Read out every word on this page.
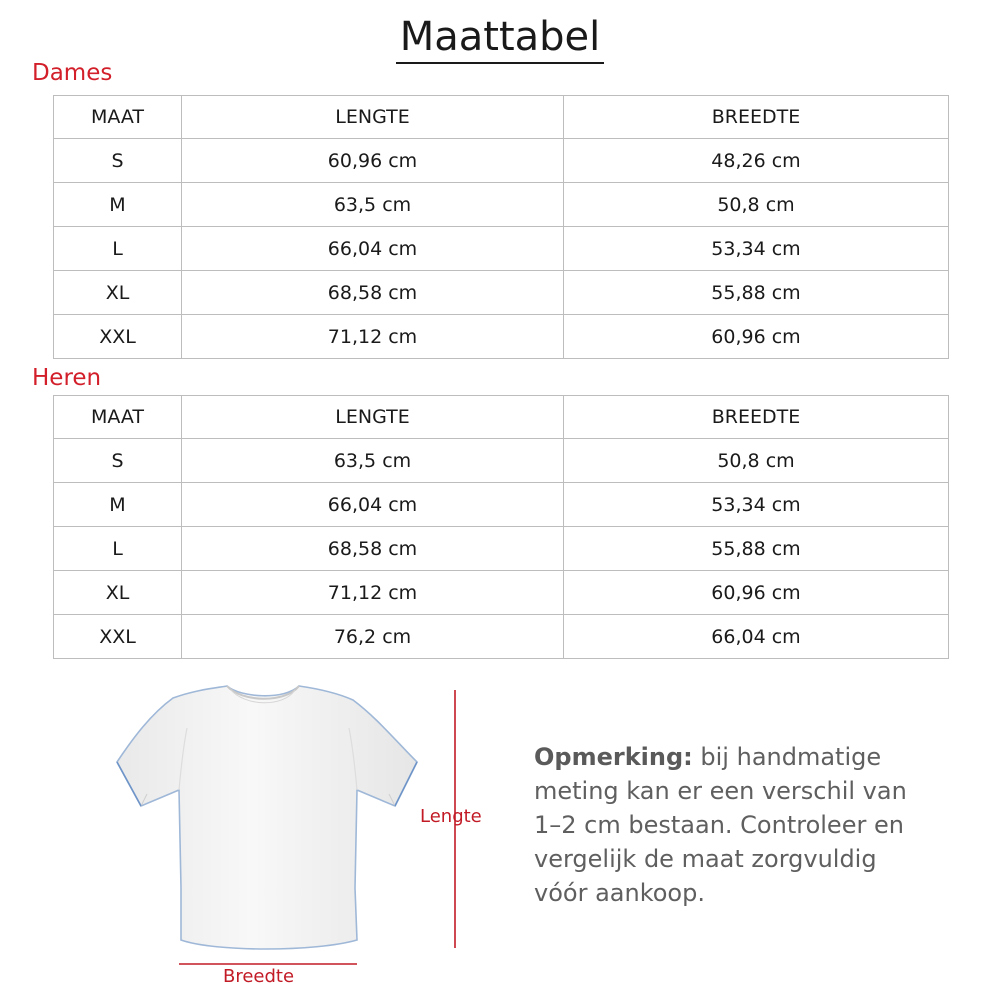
Maattabel
Dames
MAAT	LENGTE	BREEDTE
S	60,96 cm	48,26 cm
M	63,5 cm	50,8 cm
L	66,04 cm	53,34 cm
XL	68,58 cm	55,88 cm
XXL	71,12 cm	60,96 cm
Heren
MAAT	LENGTE	BREEDTE
S	63,5 cm	50,8 cm
M	66,04 cm	53,34 cm
L	68,58 cm	55,88 cm
XL	71,12 cm	60,96 cm
XXL	76,2 cm	66,04 cm
Lengte
Breedte
Opmerking: bij handmatige meting kan er een verschil van 1–2 cm bestaan. Controleer en vergelijk de maat zorgvuldig vóór aankoop.
